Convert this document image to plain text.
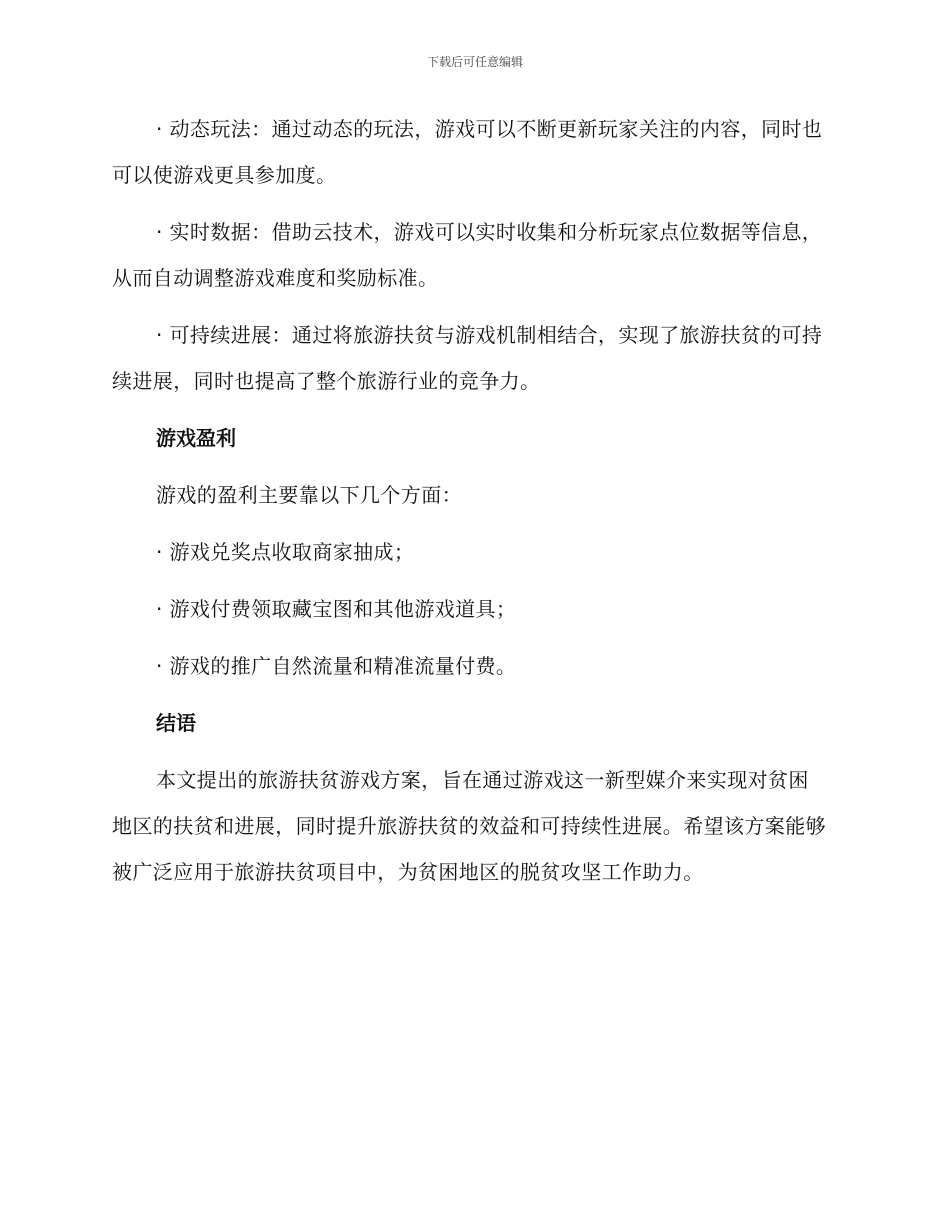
下载后可任意编辑

· 动态玩法：通过动态的玩法，游戏可以不断更新玩家关注的内容，同时也可以使游戏更具参加度。

· 实时数据：借助云技术，游戏可以实时收集和分析玩家点位数据等信息，从而自动调整游戏难度和奖励标准。

· 可持续进展：通过将旅游扶贫与游戏机制相结合，实现了旅游扶贫的可持续进展，同时也提高了整个旅游行业的竞争力。

游戏盈利

游戏的盈利主要靠以下几个方面：

· 游戏兑奖点收取商家抽成；

· 游戏付费领取藏宝图和其他游戏道具；

· 游戏的推广自然流量和精准流量付费。

结语

本文提出的旅游扶贫游戏方案，旨在通过游戏这一新型媒介来实现对贫困地区的扶贫和进展，同时提升旅游扶贫的效益和可持续性进展。希望该方案能够被广泛应用于旅游扶贫项目中，为贫困地区的脱贫攻坚工作助力。
